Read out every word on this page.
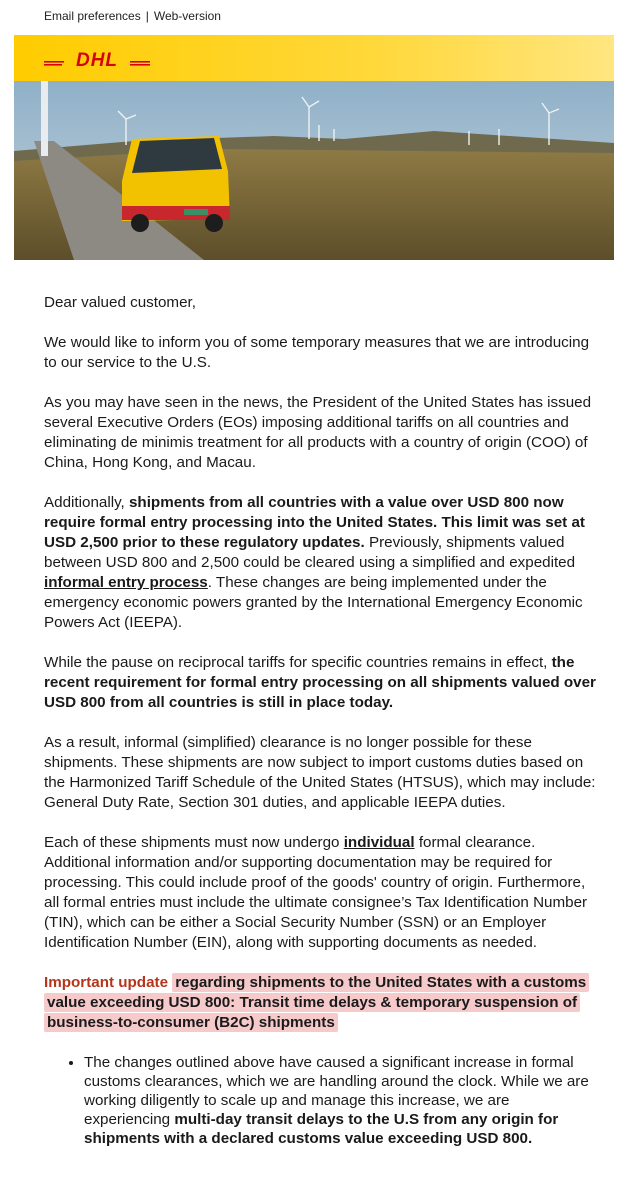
Email preferences | Web-version
DHL

Dear valued customer,

We would like to inform you of some temporary measures that we are introducing to our service to the U.S.

As you may have seen in the news, the President of the United States has issued several Executive Orders (EOs) imposing additional tariffs on all countries and eliminating de minimis treatment for all products with a country of origin (COO) of China, Hong Kong, and Macau.

Additionally, shipments from all countries with a value over USD 800 now require formal entry processing into the United States. This limit was set at USD 2,500 prior to these regulatory updates. Previously, shipments valued between USD 800 and 2,500 could be cleared using a simplified and expedited informal entry process. These changes are being implemented under the emergency economic powers granted by the International Emergency Economic Powers Act (IEEPA).

While the pause on reciprocal tariffs for specific countries remains in effect, the recent requirement for formal entry processing on all shipments valued over USD 800 from all countries is still in place today.

As a result, informal (simplified) clearance is no longer possible for these shipments. These shipments are now subject to import customs duties based on the Harmonized Tariff Schedule of the United States (HTSUS), which may include: General Duty Rate, Section 301 duties, and applicable IEEPA duties.

Each of these shipments must now undergo individual formal clearance. Additional information and/or supporting documentation may be required for processing. This could include proof of the goods' country of origin. Furthermore, all formal entries must include the ultimate consignee’s Tax Identification Number (TIN), which can be either a Social Security Number (SSN) or an Employer Identification Number (EIN), along with supporting documents as needed.

Important update regarding shipments to the United States with a customs value exceeding USD 800: Transit time delays & temporary suspension of business-to-consumer (B2C) shipments

• The changes outlined above have caused a significant increase in formal customs clearances, which we are handling around the clock. While we are working diligently to scale up and manage this increase, we are experiencing multi-day transit delays to the U.S from any origin for shipments with a declared customs value exceeding USD 800.
